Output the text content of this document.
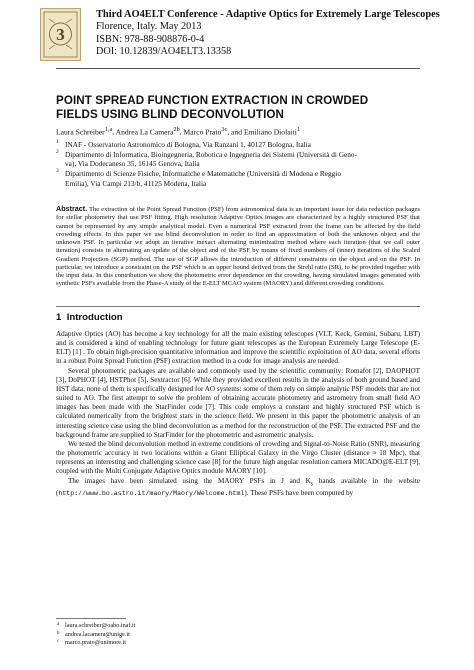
3
Third AO4ELT Conference - Adaptive Optics for Extremely Large Telescopes
Florence, Italy. May 2013
ISBN: 978-88-908876-0-4
DOI: 10.12839/AO4ELT3.13358
POINT SPREAD FUNCTION EXTRACTION IN CROWDED
FIELDS USING BLIND DECONVOLUTION
Laura Schreiber$^{1,a}$, Andrea La Camera$^{2b}$, Marco Prato$^{3c}$, and Emiliano Diolaiti$^1$
1 INAF - Osservatorio Astronomico di Bologna, Via Ranzani 1, 40127 Bologna, Italia
2 Dipartimento di Informatica, Bioingegneria, Robotica e Ingegneria dei Sistemi (Università di Geno-
va), Via Dodecaneso 35, 16145 Genova, Italia
3 Dipartimento di Scienze Fisiche, Informatiche e Matematiche (Università di Modena e Reggio
Emilia), Via Campi 213/b, 41125 Modena, Italia
Abstract. The extraction of the Point Spread Function (PSF) from astronomical data is an important issue for data reduction packages for stellar photometry that use PSF fitting. High resolution Adaptive Optics images are characterized by a highly structured PSF that cannot be represented by any simple analytical model. Even a numerical PSF extracted from the frame can be affected by the field crowding effects. In this paper we use blind deconvolution in order to find an approximation of both the unknown object and the unknown PSF. In particular we adopt an iterative inexact alternating minimization method where each iteration (that we call outer iteration) consists in alternating an update of the object and of the PSF by means of fixed numbers of (inner) iterations of the Scaled Gradient Projection (SGP) method. The use of SGP allows the introduction of different constraints on the object and on the PSF. In particular, we introduce a constraint on the PSF which is an upper bound derived from the Strehl ratio (SR), to be provided together with the input data. In this contribution we show the photometric error dependence on the crowding, having simulated images generated with synthetic PSFs available from the Phase-A study of the E-ELT MCAO system (MAORY) and different crowding conditions.
1 Introduction

Adaptive Optics (AO) has become a key technology for all the main existing telescopes (VLT, Keck, Gemini, Subaru, LBT) and is considered a kind of enabling technology for future giant telescopes as the European Extremely Large Telescope (E-ELT) [1] . To obtain high-precision quantitative information and improve the scientific exploitation of AO data, several efforts in a robust Point Spread Function (PSF) extraction method in a code for image analysis are needed.

Several photometric packages are available and commonly used by the scientific community: Romafot [2], DAOPHOT [3], DoPHOT [4], HSTPhot [5], Sextractor [6]. While they provided excellent results in the analysis of both ground based and HST data, none of them is specifically designed for AO systems: some of them rely on simple analytic PSF models that are not suited to AO. The first attempt to solve the problem of obtaining accurate photometry and astrometry from small field AO images has been made with the StarFinder code [7]. This code employs a constant and highly structured PSF which is calculated numerically from the brightest stars in the science field. We present in this paper the photometric analysis of an interesting science case using the blind deconvolution as a method for the reconstruction of the PSF. The extracted PSF and the background frame are supplied to StarFinder for the photometric and astrometric analysis.

We tested the blind deconvolution method in extreme conditions of crowding and Signal-to-Noise Ratio (SNR), measuring the photometric accuracy in two locations within a Giant Elliptical Galaxy in the Virgo Cluster (distance ≈ 18 Mpc), that represents an interesting and challenging science case [8] for the future high angular resolution camera MICADO@E-ELT [9], coupled with the Multi Conjugate Adaptive Optics module MAORY [10].

The images have been simulated using the MAORY PSFs in J and $K_s$ bands available in the website (http://www.bo.astro.it/maory/Maory/Welcome.html). These PSFs have been computed by

a laura.schreiber@oabo.inaf.it
b andrea.lacamera@unige.it
c marco.prato@unimore.it
